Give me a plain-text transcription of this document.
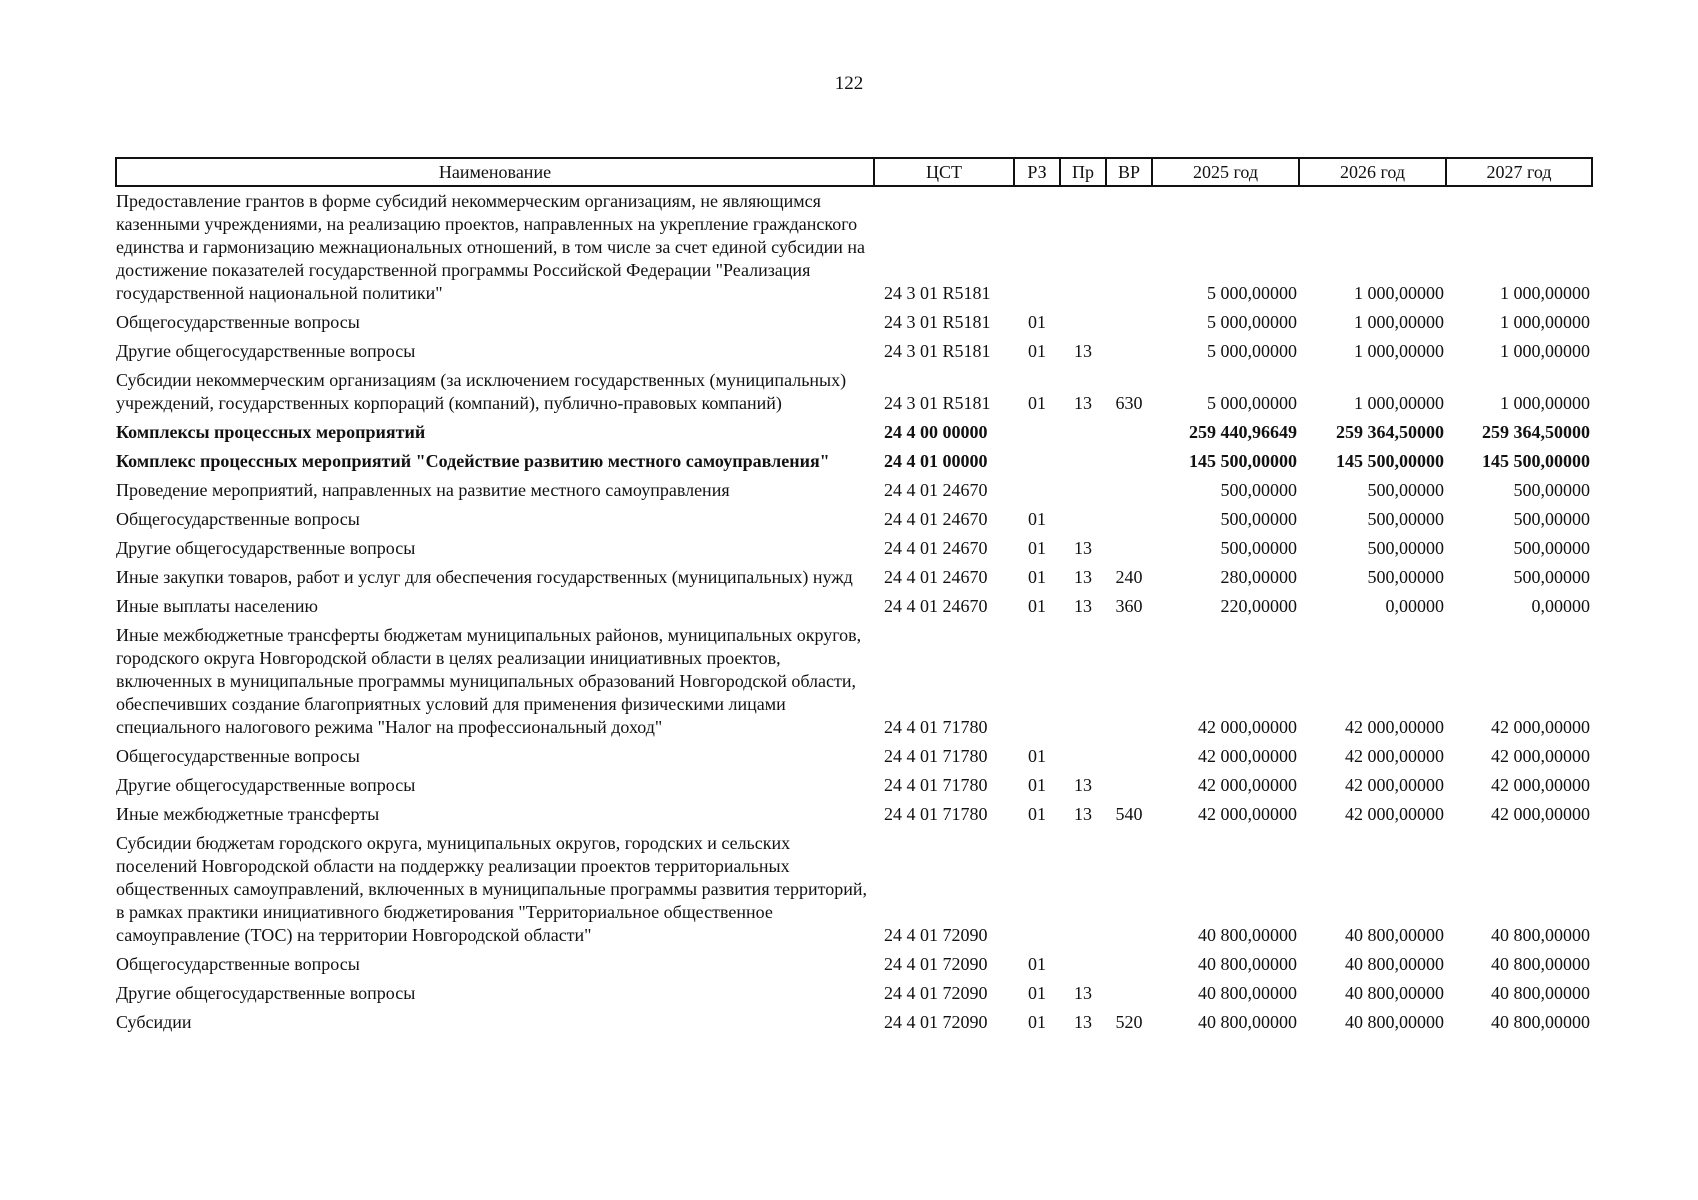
122
Наименование	ЦСТ	РЗ	Пр	ВР	2025 год	2026 год	2027 год
Предоставление грантов в форме субсидий некоммерческим организациям, не являющимся казенными учреждениями, на реализацию проектов, направленных на укрепление гражданского единства и гармонизацию межнациональных отношений, в том числе за счет единой субсидии на достижение показателей государственной программы Российской Федерации "Реализация государственной национальной политики"	24 3 01 R5181				5 000,00000	1 000,00000	1 000,00000
Общегосударственные вопросы	24 3 01 R5181	01			5 000,00000	1 000,00000	1 000,00000
Другие общегосударственные вопросы	24 3 01 R5181	01	13		5 000,00000	1 000,00000	1 000,00000
Субсидии некоммерческим организациям (за исключением государственных (муниципальных) учреждений, государственных корпораций (компаний), публично-правовых компаний)	24 3 01 R5181	01	13	630	5 000,00000	1 000,00000	1 000,00000
Комплексы процессных мероприятий	24 4 00 00000				259 440,96649	259 364,50000	259 364,50000
Комплекс процессных мероприятий "Содействие развитию местного самоуправления"	24 4 01 00000				145 500,00000	145 500,00000	145 500,00000
Проведение мероприятий, направленных на развитие местного самоуправления	24 4 01 24670				500,00000	500,00000	500,00000
Общегосударственные вопросы	24 4 01 24670	01			500,00000	500,00000	500,00000
Другие общегосударственные вопросы	24 4 01 24670	01	13		500,00000	500,00000	500,00000
Иные закупки товаров, работ и услуг для обеспечения государственных (муниципальных) нужд	24 4 01 24670	01	13	240	280,00000	500,00000	500,00000
Иные выплаты населению	24 4 01 24670	01	13	360	220,00000	0,00000	0,00000
Иные межбюджетные трансферты бюджетам муниципальных районов, муниципальных округов, городского округа Новгородской области в целях реализации инициативных проектов, включенных в муниципальные программы муниципальных образований Новгородской области, обеспечивших создание благоприятных условий для применения физическими лицами специального налогового режима "Налог на профессиональный доход"	24 4 01 71780				42 000,00000	42 000,00000	42 000,00000
Общегосударственные вопросы	24 4 01 71780	01			42 000,00000	42 000,00000	42 000,00000
Другие общегосударственные вопросы	24 4 01 71780	01	13		42 000,00000	42 000,00000	42 000,00000
Иные межбюджетные трансферты	24 4 01 71780	01	13	540	42 000,00000	42 000,00000	42 000,00000
Субсидии бюджетам городского округа, муниципальных округов, городских и сельских поселений Новгородской области на поддержку реализации проектов территориальных общественных самоуправлений, включенных в муниципальные программы развития территорий, в рамках практики инициативного бюджетирования "Территориальное общественное самоуправление (ТОС) на территории Новгородской области"	24 4 01 72090				40 800,00000	40 800,00000	40 800,00000
Общегосударственные вопросы	24 4 01 72090	01			40 800,00000	40 800,00000	40 800,00000
Другие общегосударственные вопросы	24 4 01 72090	01	13		40 800,00000	40 800,00000	40 800,00000
Субсидии	24 4 01 72090	01	13	520	40 800,00000	40 800,00000	40 800,00000
